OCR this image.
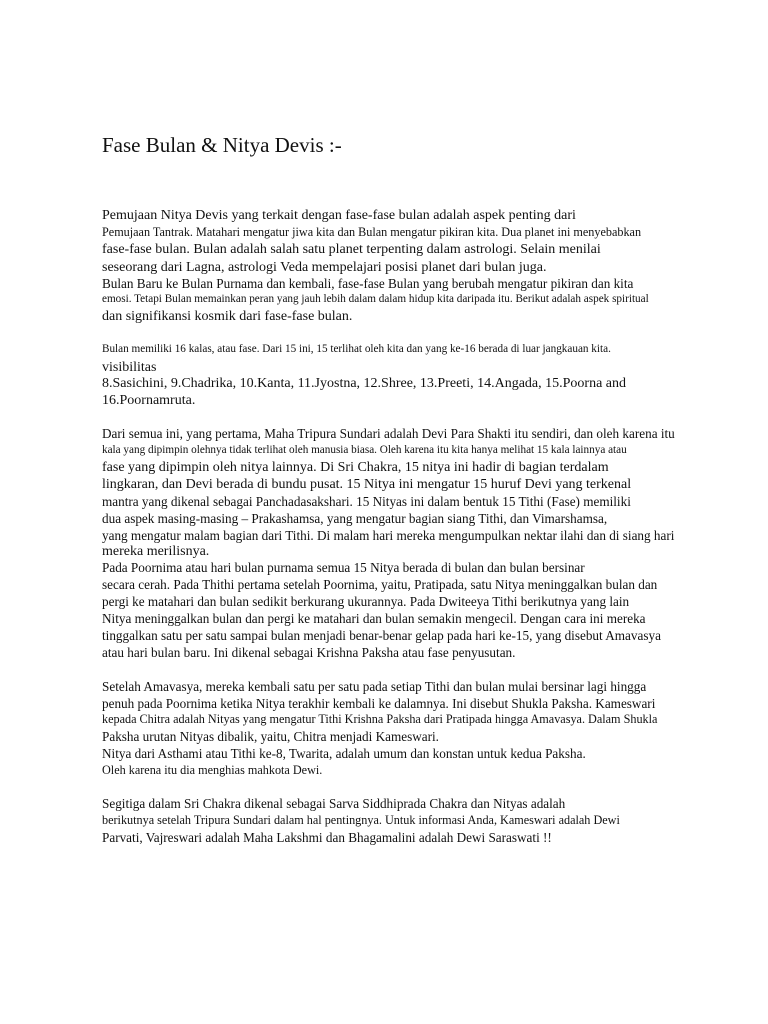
Fase Bulan & Nitya Devis :-
Pemujaan Nitya Devis yang terkait dengan fase-fase bulan adalah aspek penting dari
Pemujaan Tantrak. Matahari mengatur jiwa kita dan Bulan mengatur pikiran kita. Dua planet ini menyebabkan
fase-fase bulan. Bulan adalah salah satu planet terpenting dalam astrologi. Selain menilai
seseorang dari Lagna, astrologi Veda mempelajari posisi planet dari bulan juga.
Bulan Baru ke Bulan Purnama dan kembali, fase-fase Bulan yang berubah mengatur pikiran dan kita
emosi. Tetapi Bulan memainkan peran yang jauh lebih dalam dalam hidup kita daripada itu. Berikut adalah aspek spiritual
dan signifikansi kosmik dari fase-fase bulan.
Bulan memiliki 16 kalas, atau fase. Dari 15 ini, 15 terlihat oleh kita dan yang ke-16 berada di luar jangkauan kita.
visibilitas
8.Sasichini, 9.Chadrika, 10.Kanta, 11.Jyostna, 12.Shree, 13.Preeti, 14.Angada, 15.Poorna and
16.Poornamruta.
Dari semua ini, yang pertama, Maha Tripura Sundari adalah Devi Para Shakti itu sendiri, dan oleh karena itu
kala yang dipimpin olehnya tidak terlihat oleh manusia biasa. Oleh karena itu kita hanya melihat 15 kala lainnya atau
fase yang dipimpin oleh nitya lainnya. Di Sri Chakra, 15 nitya ini hadir di bagian terdalam
lingkaran, dan Devi berada di bundu pusat. 15 Nitya ini mengatur 15 huruf Devi yang terkenal
mantra yang dikenal sebagai Panchadasakshari. 15 Nityas ini dalam bentuk 15 Tithi (Fase) memiliki
dua aspek masing-masing – Prakashamsa, yang mengatur bagian siang Tithi, dan Vimarshamsa,
yang mengatur malam bagian dari Tithi. Di malam hari mereka mengumpulkan nektar ilahi dan di siang hari
mereka merilisnya.
Pada Poornima atau hari bulan purnama semua 15 Nitya berada di bulan dan bulan bersinar
secara cerah. Pada Thithi pertama setelah Poornima, yaitu, Pratipada, satu Nitya meninggalkan bulan dan
pergi ke matahari dan bulan sedikit berkurang ukurannya. Pada Dwiteeya Tithi berikutnya yang lain
Nitya meninggalkan bulan dan pergi ke matahari dan bulan semakin mengecil. Dengan cara ini mereka
tinggalkan satu per satu sampai bulan menjadi benar-benar gelap pada hari ke-15, yang disebut Amavasya
atau hari bulan baru. Ini dikenal sebagai Krishna Paksha atau fase penyusutan.
Setelah Amavasya, mereka kembali satu per satu pada setiap Tithi dan bulan mulai bersinar lagi hingga
penuh pada Poornima ketika Nitya terakhir kembali ke dalamnya. Ini disebut Shukla Paksha. Kameswari
kepada Chitra adalah Nityas yang mengatur Tithi Krishna Paksha dari Pratipada hingga Amavasya. Dalam Shukla
Paksha urutan Nityas dibalik, yaitu, Chitra menjadi Kameswari.
Nitya dari Asthami atau Tithi ke-8, Twarita, adalah umum dan konstan untuk kedua Paksha.
Oleh karena itu dia menghias mahkota Dewi.
Segitiga dalam Sri Chakra dikenal sebagai Sarva Siddhiprada Chakra dan Nityas adalah
berikutnya setelah Tripura Sundari dalam hal pentingnya. Untuk informasi Anda, Kameswari adalah Dewi
Parvati, Vajreswari adalah Maha Lakshmi dan Bhagamalini adalah Dewi Saraswati !!
